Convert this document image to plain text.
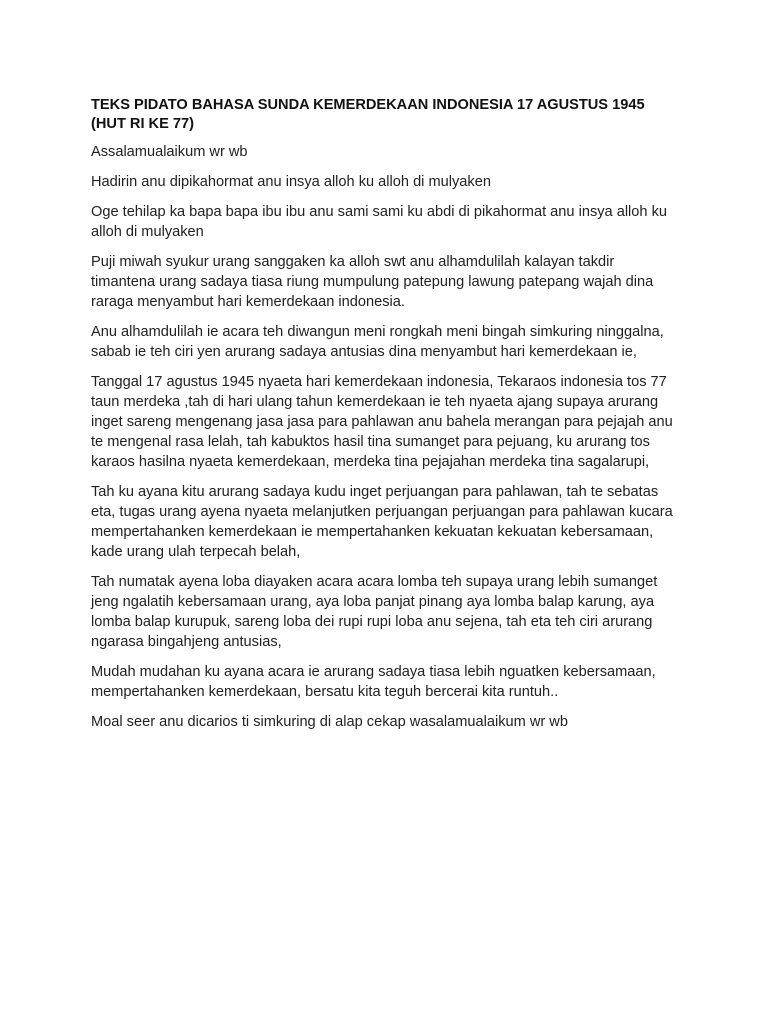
TEKS PIDATO BAHASA SUNDA KEMERDEKAAN INDONESIA 17 AGUSTUS 1945 (HUT RI KE 77)

Assalamualaikum wr wb

Hadirin anu dipikahormat anu insya alloh ku alloh di mulyaken

Oge tehilap ka bapa bapa ibu ibu anu sami sami ku abdi di pikahormat anu insya alloh ku alloh di mulyaken

Puji miwah syukur urang sanggaken ka alloh swt anu alhamdulilah kalayan takdir timantena urang sadaya tiasa riung mumpulung patepung lawung patepang wajah dina raraga menyambut hari kemerdekaan indonesia.

Anu alhamdulilah ie acara teh diwangun meni rongkah meni bingah simkuring ninggalna, sabab ie teh ciri yen arurang sadaya antusias dina menyambut hari kemerdekaan ie,

Tanggal 17 agustus 1945 nyaeta hari kemerdekaan indonesia, Tekaraos indonesia tos 77 taun merdeka ,tah di hari ulang tahun kemerdekaan ie teh nyaeta ajang supaya arurang inget sareng mengenang jasa jasa para pahlawan anu bahela merangan para pejajah anu te mengenal rasa lelah, tah kabuktos hasil tina sumanget para pejuang, ku arurang tos karaos hasilna nyaeta kemerdekaan, merdeka tina pejajahan merdeka tina sagalarupi,

Tah ku ayana kitu arurang sadaya kudu inget perjuangan para pahlawan, tah te sebatas eta, tugas urang ayena nyaeta melanjutken perjuangan perjuangan para pahlawan kucara mempertahanken kemerdekaan ie mempertahanken kekuatan kekuatan kebersamaan, kade urang ulah terpecah belah,

Tah numatak ayena loba diayaken acara acara lomba teh supaya urang lebih sumanget jeng ngalatih kebersamaan urang, aya loba panjat pinang aya lomba balap karung, aya lomba balap kurupuk, sareng loba dei rupi rupi loba anu sejena, tah eta teh ciri arurang ngarasa bingahjeng antusias,

Mudah mudahan ku ayana acara ie arurang sadaya tiasa lebih nguatken kebersamaan, mempertahanken kemerdekaan, bersatu kita teguh bercerai kita runtuh..

Moal seer anu dicarios ti simkuring di alap cekap wasalamualaikum wr wb
